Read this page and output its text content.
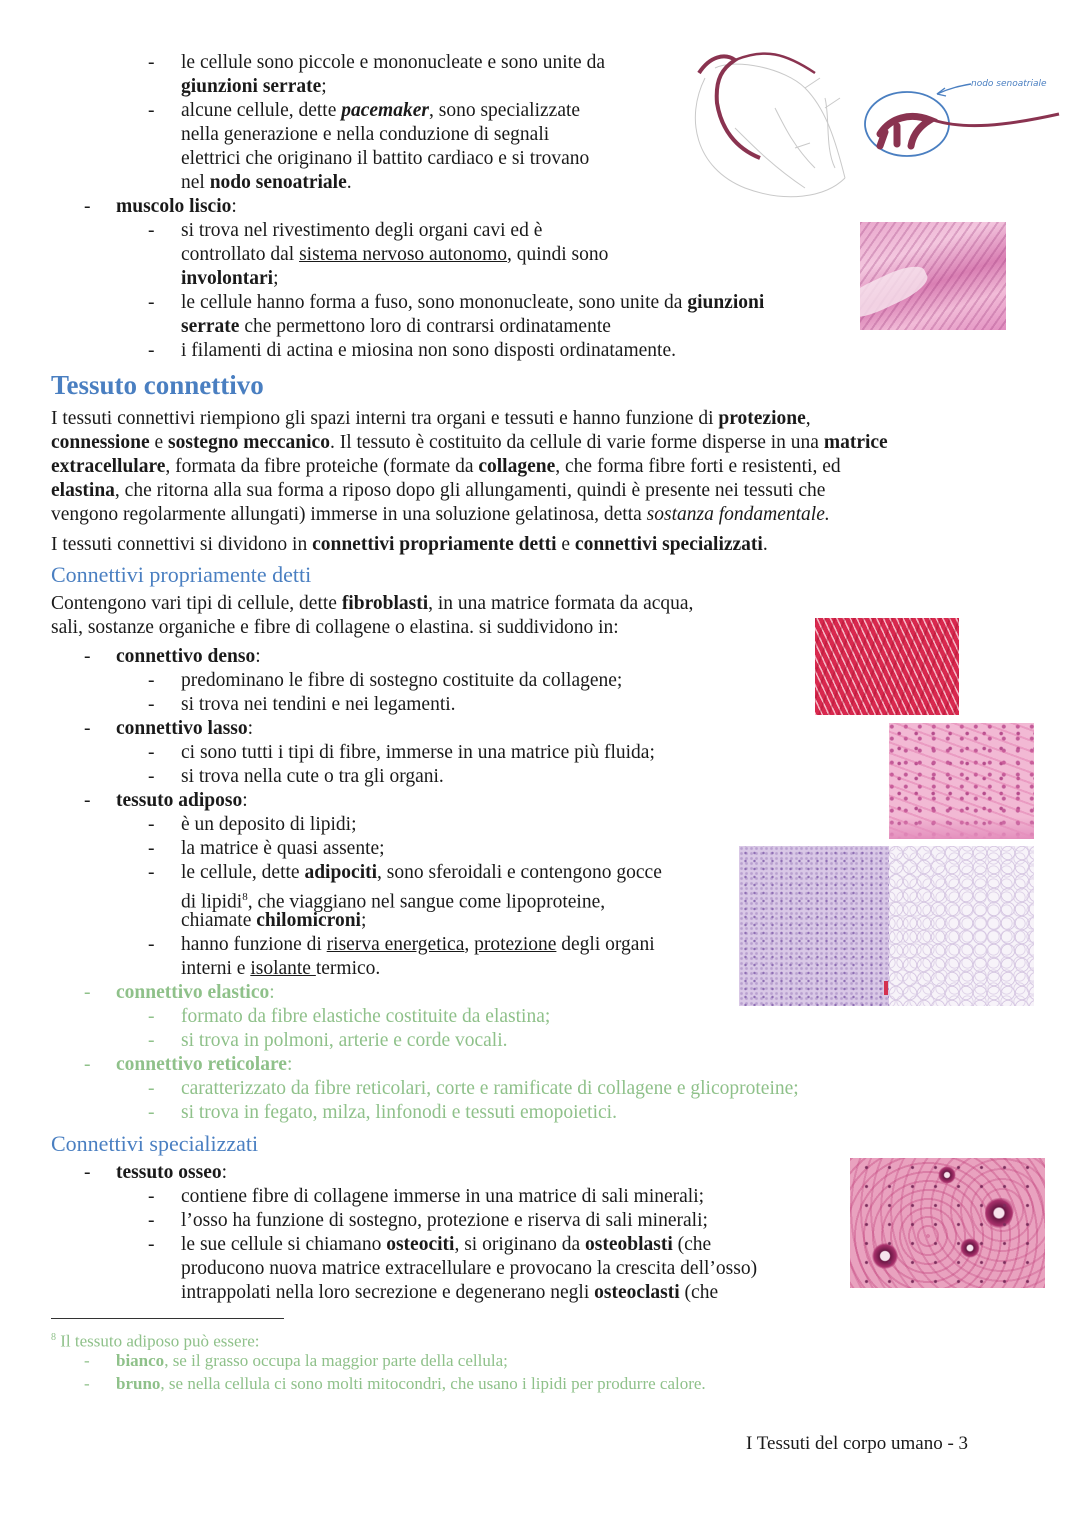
- le cellule sono piccole e mononucleate e sono unite da
giunzioni serrate;
- alcune cellule, dette pacemaker, sono specializzate
nella generazione e nella conduzione di segnali
elettrici che originano il battito cardiaco e si trovano
nel nodo senoatriale.
nodo senoatriale
- muscolo liscio:
- si trova nel rivestimento degli organi cavi ed è
controllato dal sistema nervoso autonomo, quindi sono
involontari;
- le cellule hanno forma a fuso, sono mononucleate, sono unite da giunzioni
serrate che permettono loro di contrarsi ordinatamente
- i filamenti di actina e miosina non sono disposti ordinatamente.
Tessuto connettivo
I tessuti connettivi riempiono gli spazi interni tra organi e tessuti e hanno funzione di protezione,
connessione e sostegno meccanico. Il tessuto è costituito da cellule di varie forme disperse in una matrice
extracellulare, formata da fibre proteiche (formate da collagene, che forma fibre forti e resistenti, ed
elastina, che ritorna alla sua forma a riposo dopo gli allungamenti, quindi è presente nei tessuti che
vengono regolarmente allungati) immerse in una soluzione gelatinosa, detta sostanza fondamentale.
I tessuti connettivi si dividono in connettivi propriamente detti e connettivi specializzati.
Connettivi propriamente detti
Contengono vari tipi di cellule, dette fibroblasti, in una matrice formata da acqua,
sali, sostanze organiche e fibre di collagene o elastina. si suddividono in:
- connettivo denso:
- predominano le fibre di sostegno costituite da collagene;
- si trova nei tendini e nei legamenti.
- connettivo lasso:
- ci sono tutti i tipi di fibre, immerse in una matrice più fluida;
- si trova nella cute o tra gli organi.
- tessuto adiposo:
- è un deposito di lipidi;
- la matrice è quasi assente;
- le cellule, dette adipociti, sono sferoidali e contengono gocce
di lipidi$^8$, che viaggiano nel sangue come lipoproteine,
chiamate chilomicroni;
- hanno funzione di riserva energetica, protezione degli organi
interni e isolante termico.
- connettivo elastico:
- formato da fibre elastiche costituite da elastina;
- si trova in polmoni, arterie e corde vocali.
- connettivo reticolare:
- caratterizzato da fibre reticolari, corte e ramificate di collagene e glicoproteine;
- si trova in fegato, milza, linfonodi e tessuti emopoietici.
Connettivi specializzati
- tessuto osseo:
- contiene fibre di collagene immerse in una matrice di sali minerali;
- l’osso ha funzione di sostegno, protezione e riserva di sali minerali;
- le sue cellule si chiamano osteociti, si originano da osteoblasti (che
producono nuova matrice extracellulare e provocano la crescita dell’osso)
intrappolati nella loro secrezione e degenerano negli osteoclasti (che
$^8$ Il tessuto adiposo può essere:
- bianco, se il grasso occupa la maggior parte della cellula;
- bruno, se nella cellula ci sono molti mitocondri, che usano i lipidi per produrre calore.
I Tessuti del corpo umano - 3
